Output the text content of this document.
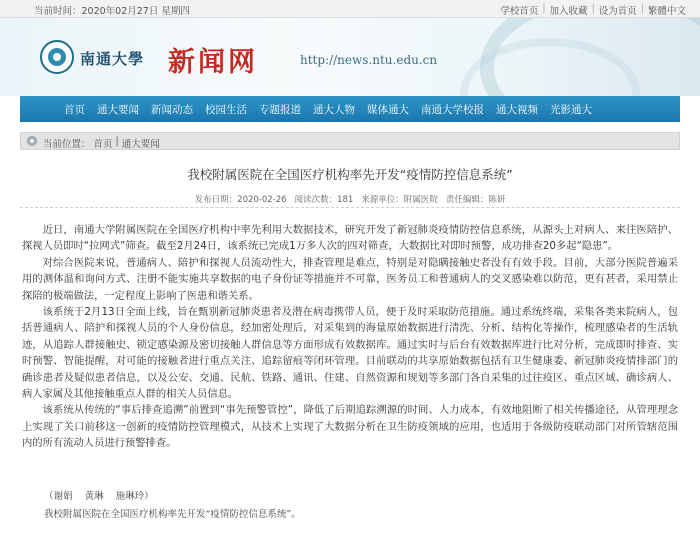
当前时间：2020年02月27日 星期四	学校首页 | 加入收藏 | 设为首页 | 繁體中文
南通大學 新闻网	http://news.ntu.edu.cn
首页	通大要闻	新闻动态	校园生活	专题报道	通大人物	媒体通大	南通大学校报	通大视频	光影通大
当前位置： 首页 | 通大要闻
我校附属医院在全国医疗机构率先开发“疫情防控信息系统”
发布日期：2020-02-26 阅读次数：181 来源单位：附属医院 责任编辑：陈妍

近日，南通大学附属医院在全国医疗机构中率先利用大数据技术，研究开发了新冠肺炎疫情防控信息系统，从源头上对病人、来往医陪护、探视人员即时“拉网式”筛查。截至2月24日，该系统已完成1万多人次的四对筛查，大数据比对即时预警，成功排查20多起“隐患”。

对综合医院来说，普通病人、陪护和探视人员流动性大，排查管理是难点，特别是对隐瞒接触史者没有有效手段。目前，大部分医院普遍采用的测体温和询问方式、注册不能实施共享数据的电子身份证等措施并不可靠，医务员工和普通病人的交叉感染难以防范，更有甚者，采用禁止探陪的极端做法，一定程度上影响了医患和谐关系。

该系统于2月13日全面上线，旨在甄别新冠肺炎患者及潜在病毒携带人员，便于及时采取防范措施。通过系统终端，采集各类来院病人，包括普通病人、陪护和探视人员的个人身份信息，经加密处理后，对采集到的海量原始数据进行清洗、分析、结构化等操作，梳理感染者的生活轨迹，从追踪人群接触史、锁定感染源及密切接触人群信息等方面形成有效数据库。通过实时与后台有效数据库进行比对分析，完成即时排查、实时预警、智能提醒，对可能的接触者进行重点关注、追踪留痕等闭环管理。目前联动的共享原始数据包括有卫生健康委、新冠肺炎疫情排部门的确诊患者及疑似患者信息，以及公安、交通、民航、铁路、通讯、住建、自然资源和规划等多部门各自采集的过往疫区、重点区域、确诊病人、病人家属及其他接触重点人群的相关人员信息。

该系统从传统的“事后排查追溯”前置到“事先预警管控”，降低了后期追踪溯源的时间、人力成本，有效地阻断了相关传播途径，从管理理念上实现了关口前移这一创新的疫情防控管理模式，从技术上实现了大数据分析在卫生防疫领域的应用，也适用于各级防疫联动部门对所管辖范围内的所有流动人员进行预警排查。

（谢娟    黄琳    施琳玲）
我校附属医院在全国医疗机构率先开发“疫情防控信息系统”。
